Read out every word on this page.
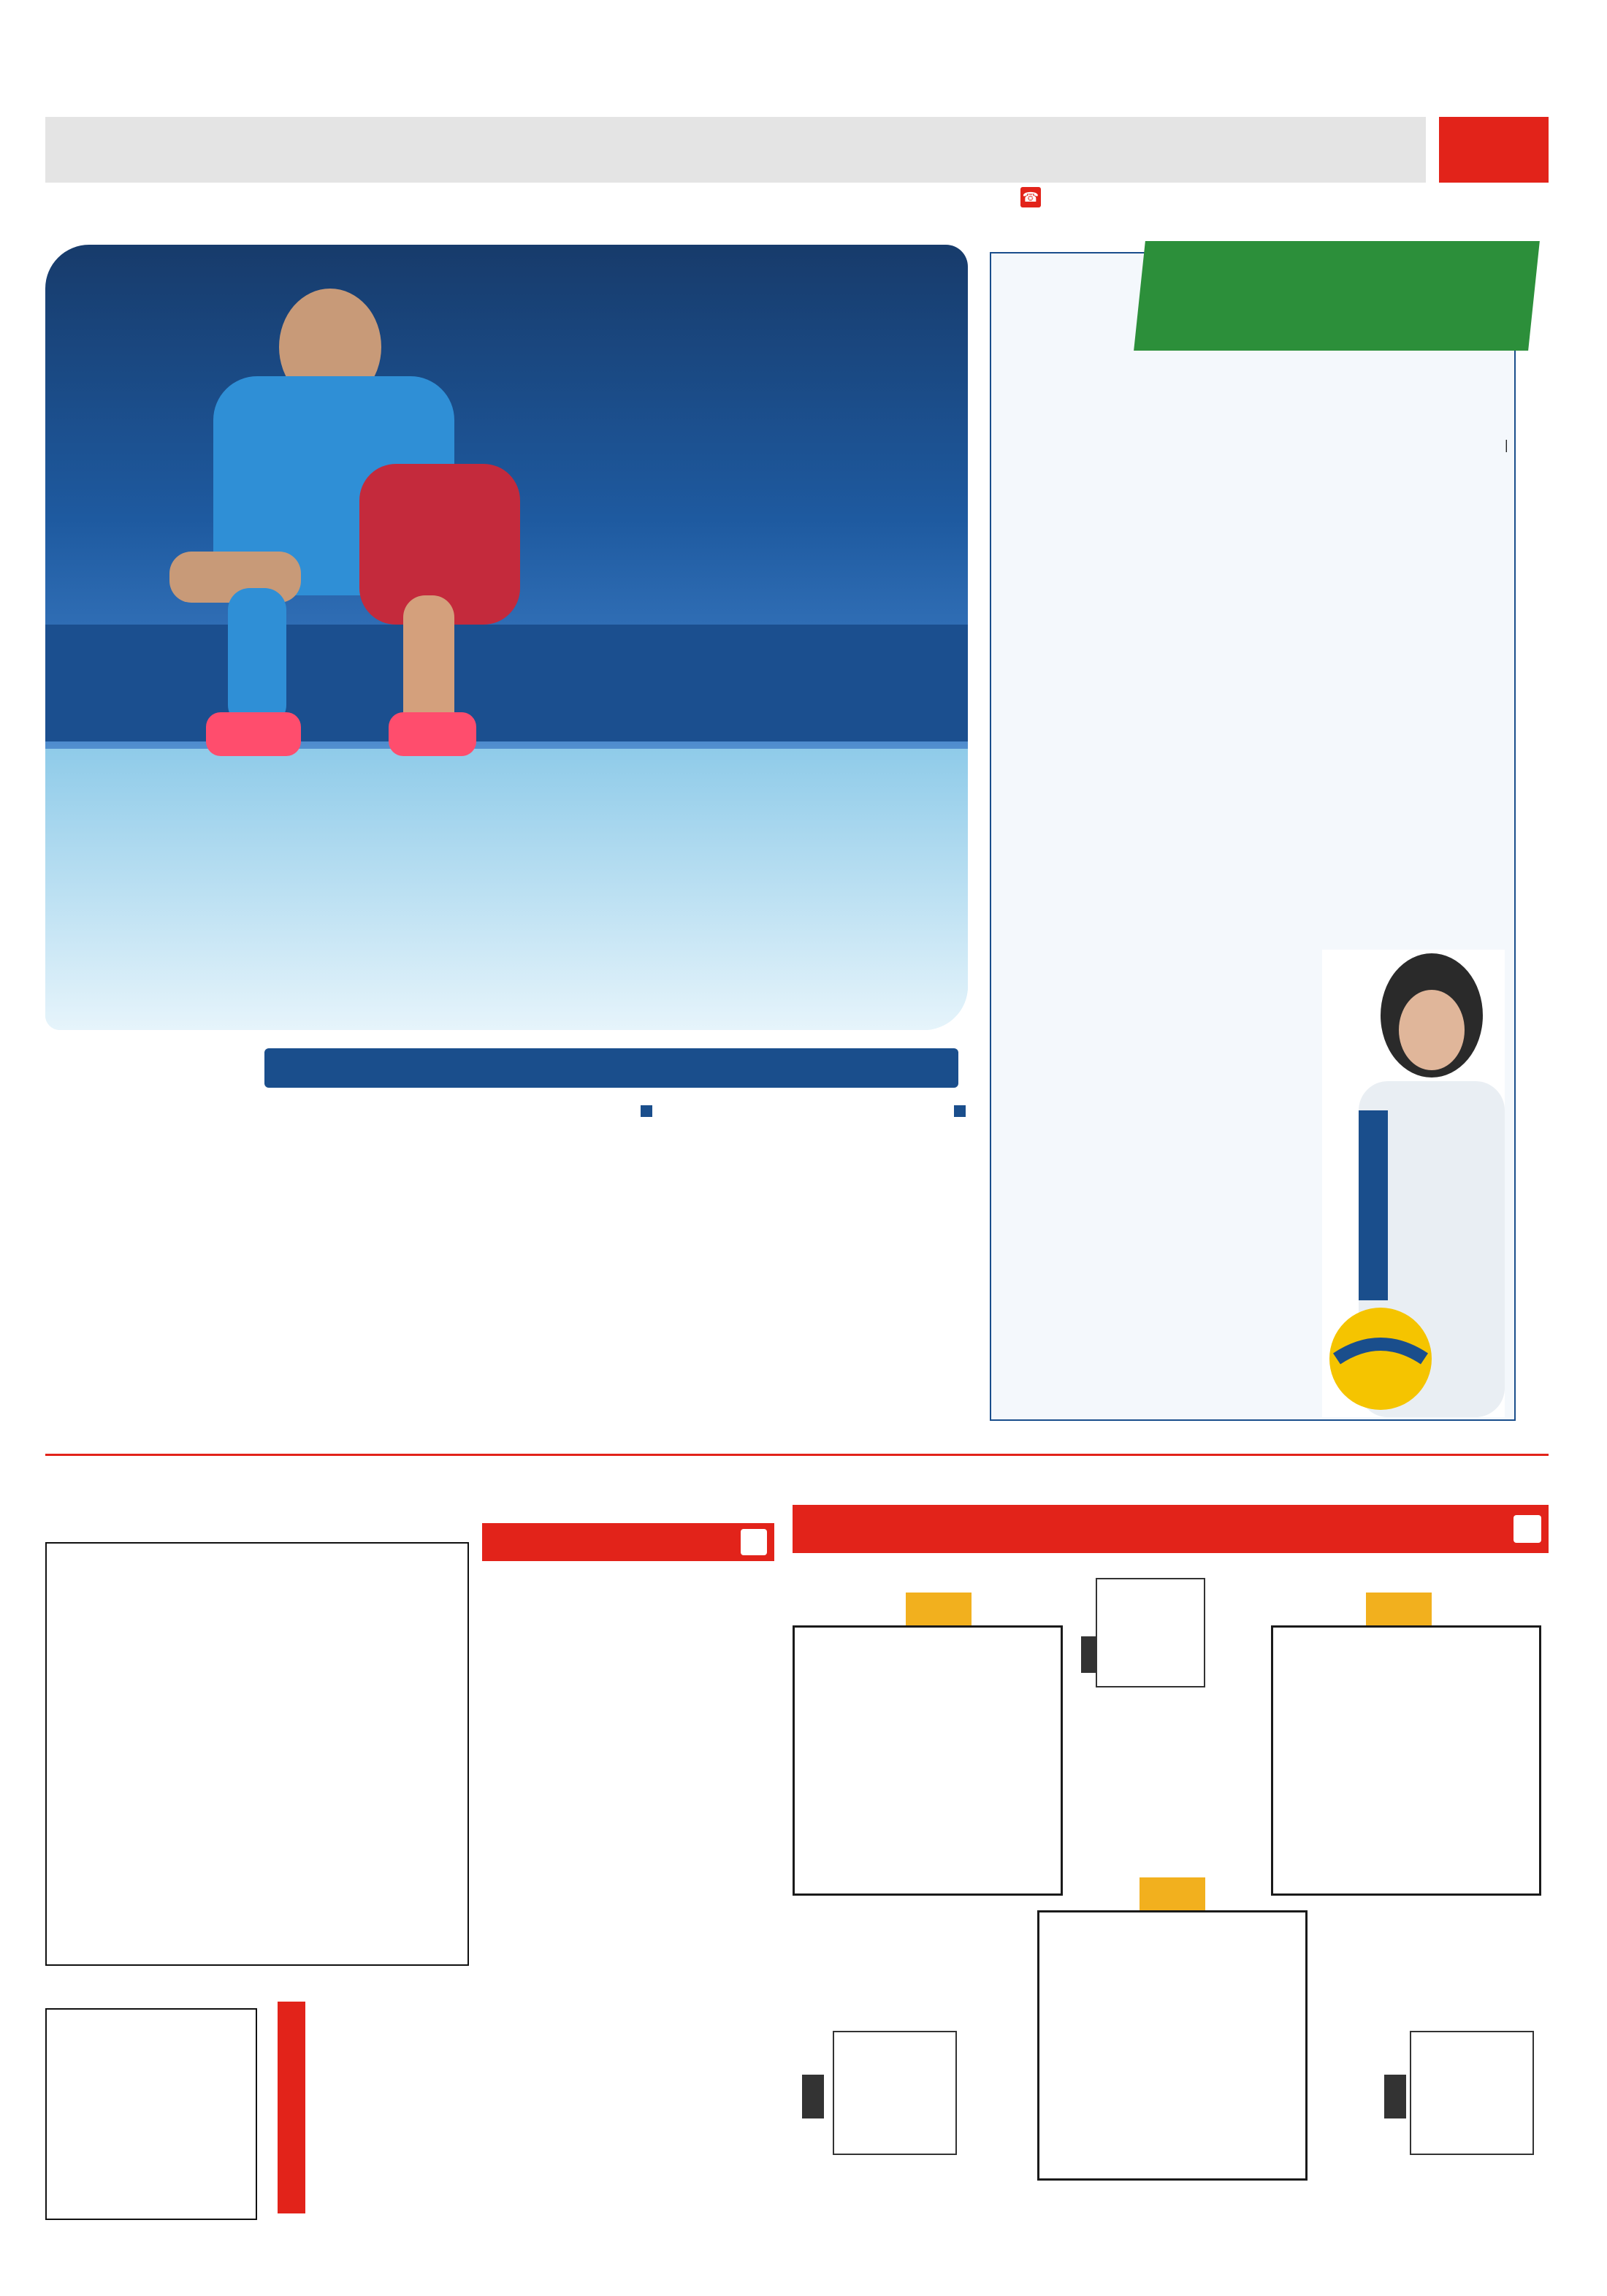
☎

|
